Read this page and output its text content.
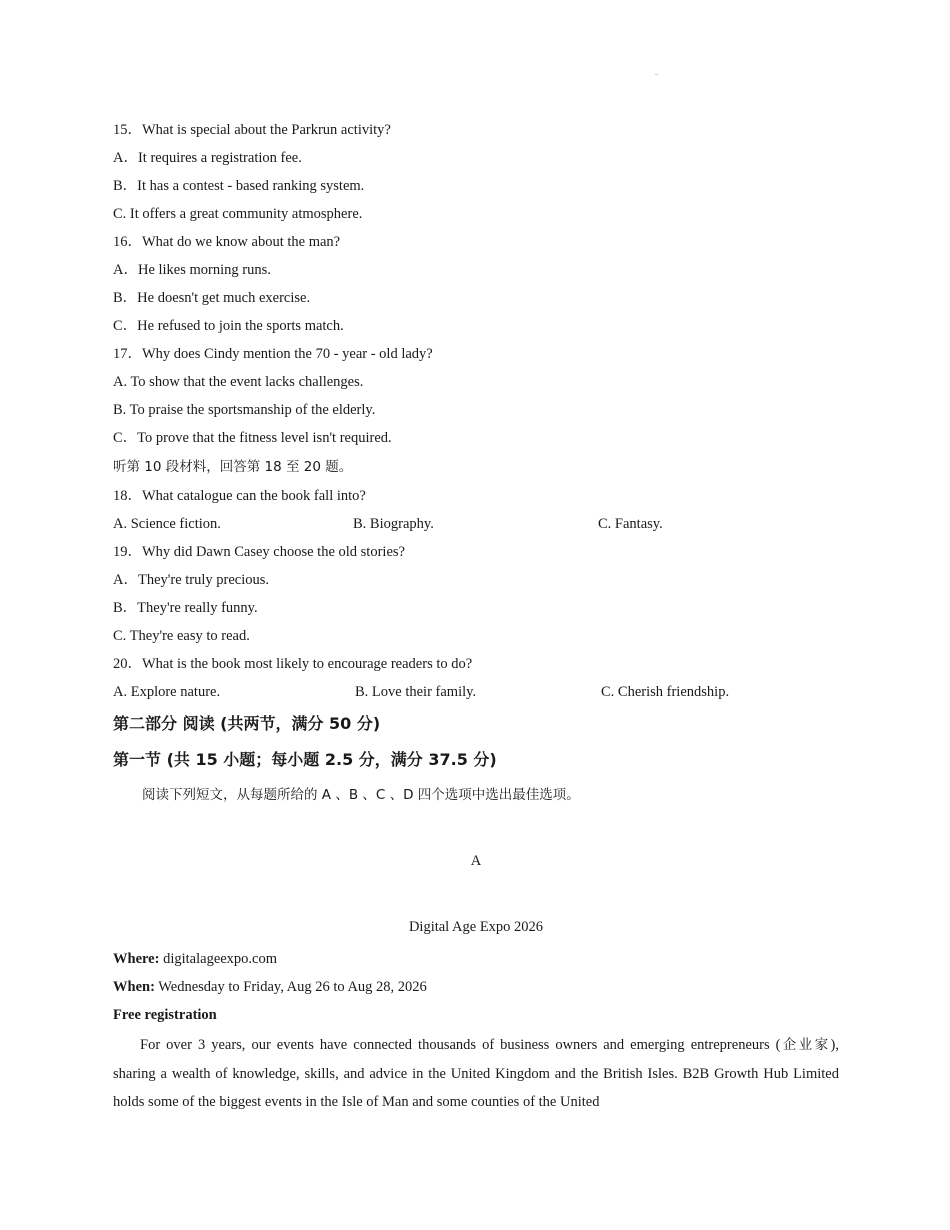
15．What is special about the Parkrun activity?
A．It requires a registration fee.
B．It has a contest - based ranking system.
C. It offers a great community atmosphere.
16．What do we know about the man?
A．He likes morning runs.
B．He doesn't get much exercise.
C．He refused to join the sports match.
17．Why does Cindy mention the 70 - year - old lady?
A. To show that the event lacks challenges.
B. To praise the sportsmanship of the elderly.
C．To prove that the fitness level isn't required.
听第 10 段材料，回答第 18 至 20 题。
18．What catalogue can the book fall into?
A. Science fiction.	B. Biography.	C. Fantasy.
19．Why did Dawn Casey choose the old stories?
A．They're truly precious.
B．They're really funny.
C. They're easy to read.
20．What is the book most likely to encourage readers to do?
A. Explore nature.	B. Love their family.	C. Cherish friendship.
第二部分 阅读 (共两节，满分 50 分)
第一节 (共 15 小题；每小题 2.5 分，满分 37.5 分)
阅读下列短文，从每题所给的 A 、B 、C 、D 四个选项中选出最佳选项。
A
Digital Age Expo 2026
Where: digitalageexpo.com
When: Wednesday to Friday, Aug 26 to Aug 28, 2026
Free registration
For over 3 years, our events have connected thousands of business owners and emerging entrepreneurs (企业家), sharing a wealth of knowledge, skills, and advice in the United Kingdom and the British Isles. B2B Growth Hub Limited holds some of the biggest events in the Isle of Man and some counties of the United
